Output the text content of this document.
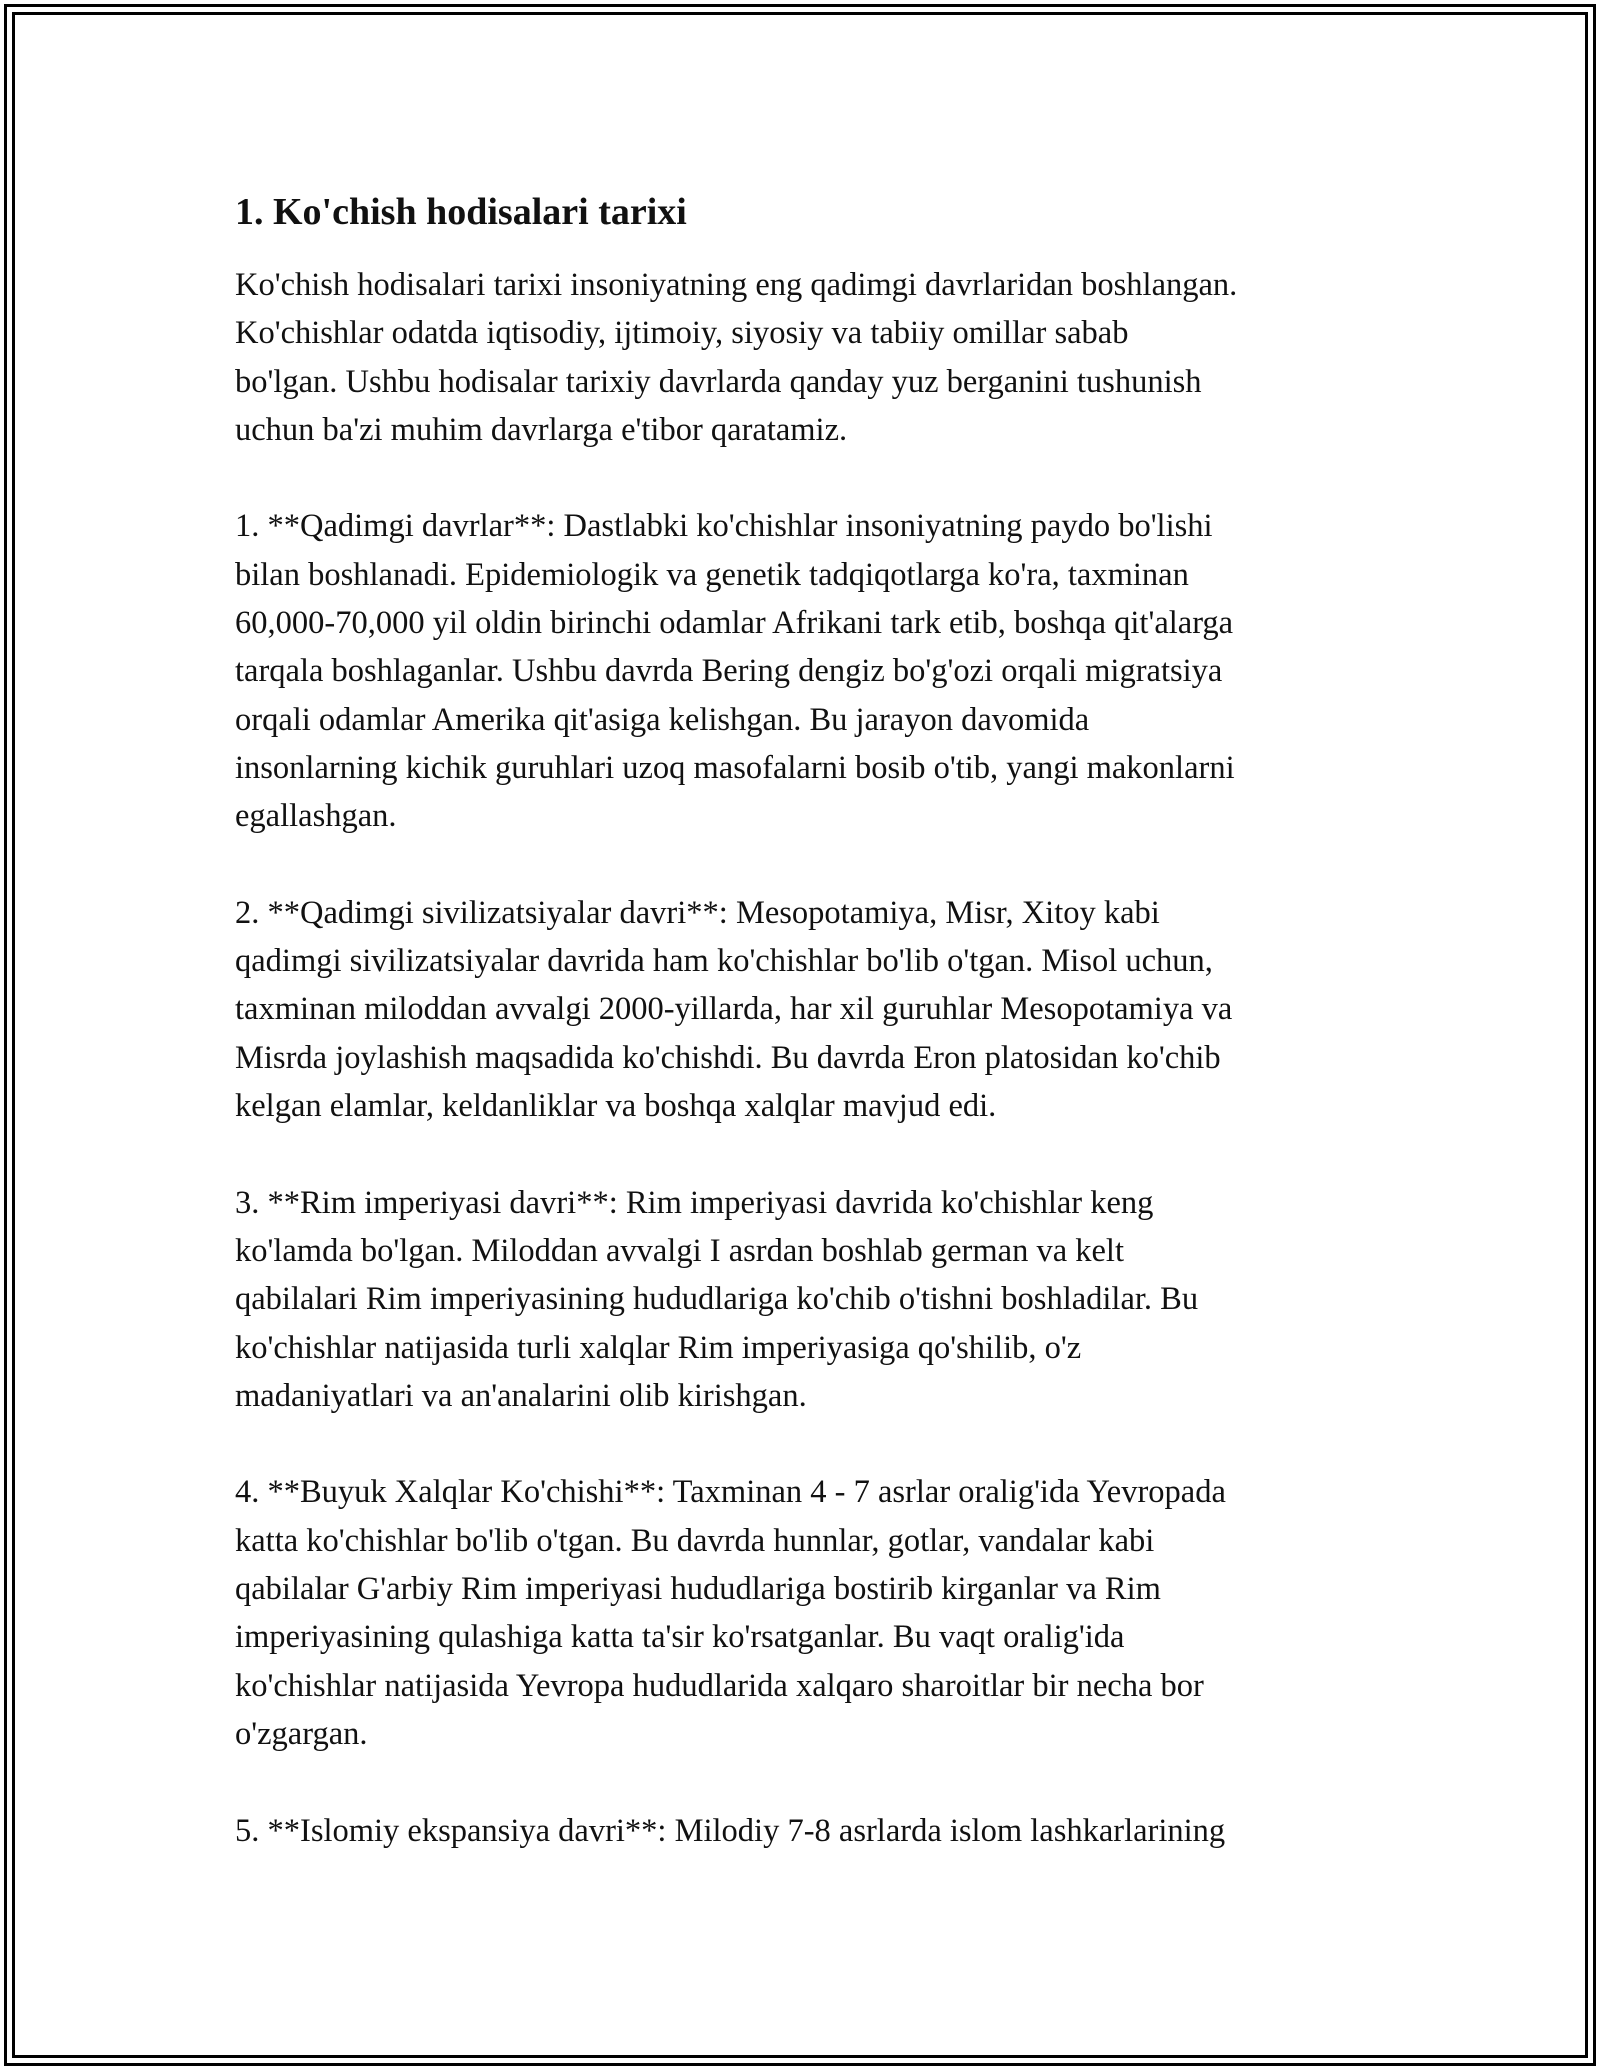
1. Ko'chish hodisalari tarixi

Ko'chish hodisalari tarixi insoniyatning eng qadimgi davrlaridan boshlangan.
Ko'chishlar odatda iqtisodiy, ijtimoiy, siyosiy va tabiiy omillar sabab
bo'lgan. Ushbu hodisalar tarixiy davrlarda qanday yuz berganini tushunish
uchun ba'zi muhim davrlarga e'tibor qaratamiz.

1. **Qadimgi davrlar**: Dastlabki ko'chishlar insoniyatning paydo bo'lishi
bilan boshlanadi. Epidemiologik va genetik tadqiqotlarga ko'ra, taxminan
60,000-70,000 yil oldin birinchi odamlar Afrikani tark etib, boshqa qit'alarga
tarqala boshlaganlar. Ushbu davrda Bering dengiz bo'g'ozi orqali migratsiya
orqali odamlar Amerika qit'asiga kelishgan. Bu jarayon davomida
insonlarning kichik guruhlari uzoq masofalarni bosib o'tib, yangi makonlarni
egallashgan.

2. **Qadimgi sivilizatsiyalar davri**: Mesopotamiya, Misr, Xitoy kabi
qadimgi sivilizatsiyalar davrida ham ko'chishlar bo'lib o'tgan. Misol uchun,
taxminan miloddan avvalgi 2000-yillarda, har xil guruhlar Mesopotamiya va
Misrda joylashish maqsadida ko'chishdi. Bu davrda Eron platosidan ko'chib
kelgan elamlar, keldanliklar va boshqa xalqlar mavjud edi.

3. **Rim imperiyasi davri**: Rim imperiyasi davrida ko'chishlar keng
ko'lamda bo'lgan. Miloddan avvalgi I asrdan boshlab german va kelt
qabilalari Rim imperiyasining hududlariga ko'chib o'tishni boshladilar. Bu
ko'chishlar natijasida turli xalqlar Rim imperiyasiga qo'shilib, o'z
madaniyatlari va an'analarini olib kirishgan.

4. **Buyuk Xalqlar Ko'chishi**: Taxminan 4 - 7 asrlar oralig'ida Yevropada
katta ko'chishlar bo'lib o'tgan. Bu davrda hunnlar, gotlar, vandalar kabi
qabilalar G'arbiy Rim imperiyasi hududlariga bostirib kirganlar va Rim
imperiyasining qulashiga katta ta'sir ko'rsatganlar. Bu vaqt oralig'ida
ko'chishlar natijasida Yevropa hududlarida xalqaro sharoitlar bir necha bor
o'zgargan.

5. **Islomiy ekspansiya davri**: Milodiy 7-8 asrlarda islom lashkarlarining
